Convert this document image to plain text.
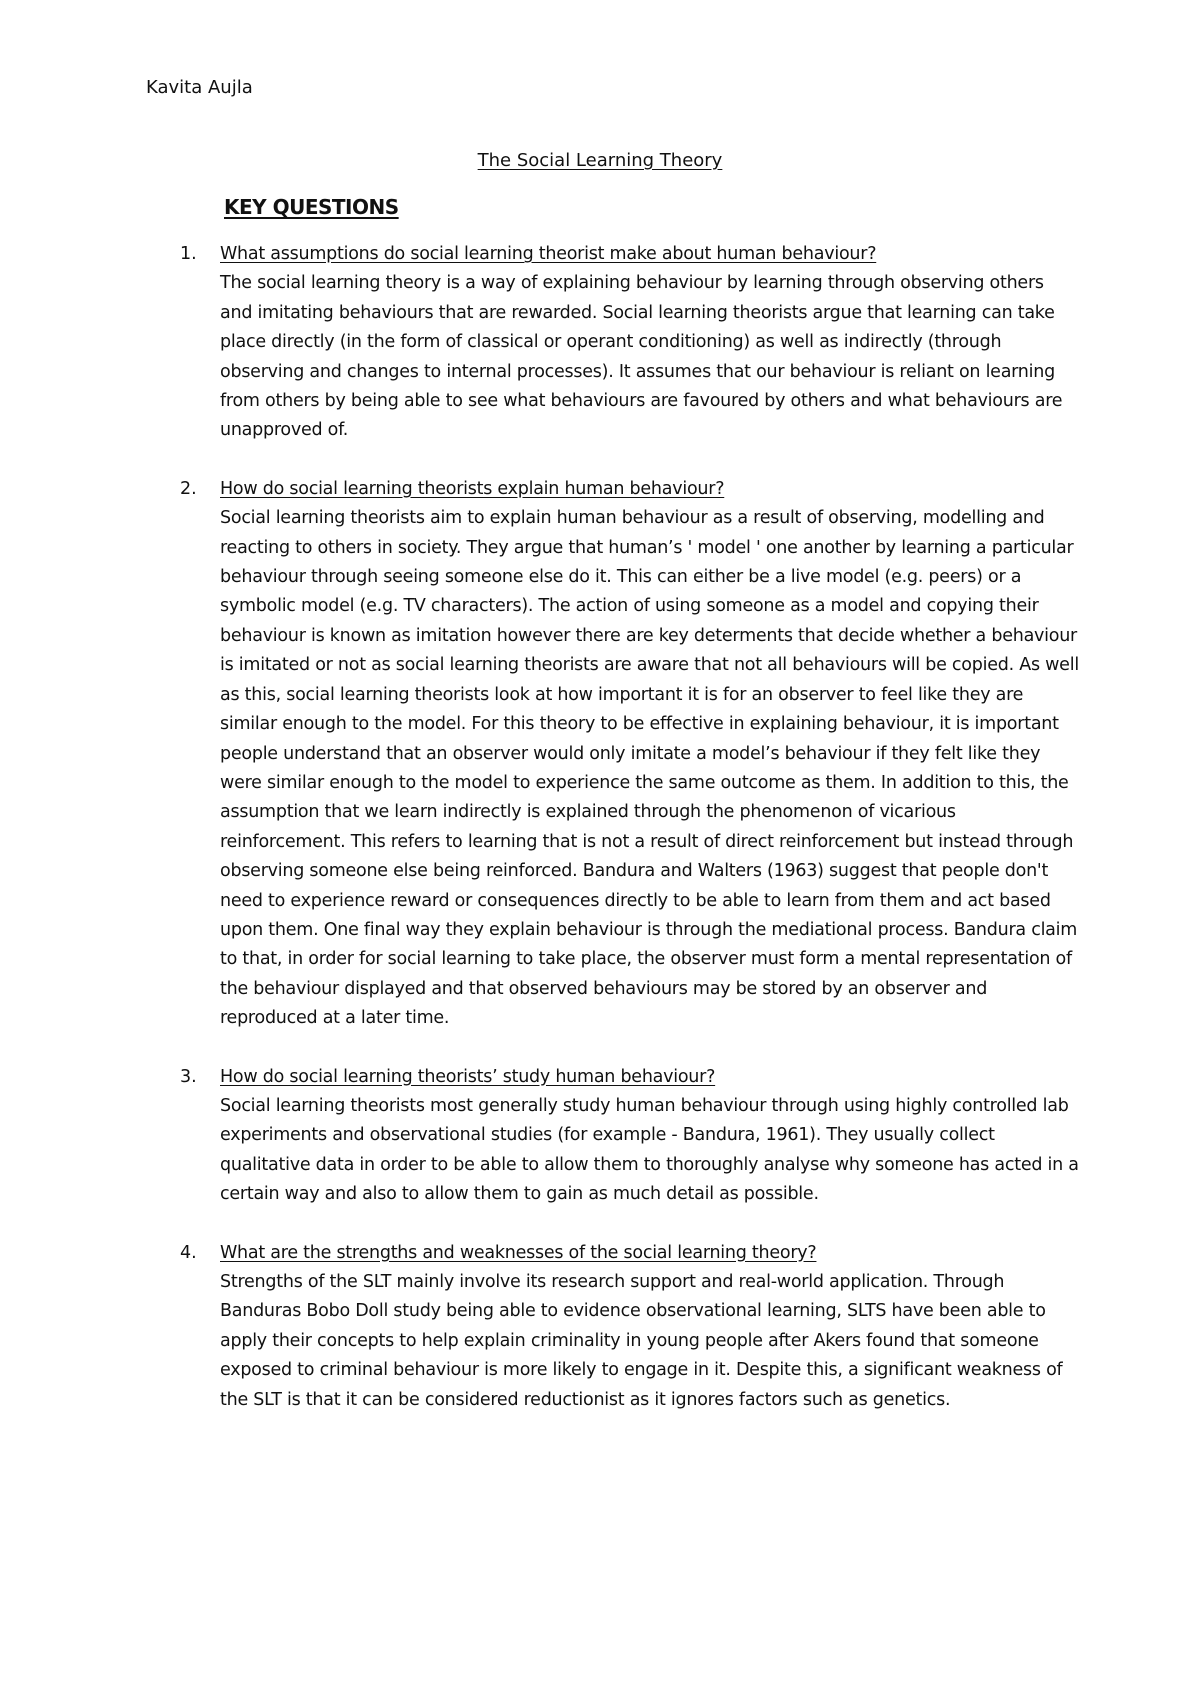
Kavita Aujla
The Social Learning Theory
KEY QUESTIONS
1. What assumptions do social learning theorist make about human behaviour?

The social learning theory is a way of explaining behaviour by learning through observing others and imitating behaviours that are rewarded. Social learning theorists argue that learning can take place directly (in the form of classical or operant conditioning) as well as indirectly (through observing and changes to internal processes). It assumes that our behaviour is reliant on learning from others by being able to see what behaviours are favoured by others and what behaviours are unapproved of.

2. How do social learning theorists explain human behaviour?

Social learning theorists aim to explain human behaviour as a result of observing, modelling and reacting to others in society. They argue that human’s ' model ' one another by learning a particular behaviour through seeing someone else do it. This can either be a live model (e.g. peers) or a symbolic model (e.g. TV characters). The action of using someone as a model and copying their behaviour is known as imitation however there are key determents that decide whether a behaviour is imitated or not as social learning theorists are aware that not all behaviours will be copied. As well as this, social learning theorists look at how important it is for an observer to feel like they are similar enough to the model. For this theory to be effective in explaining behaviour, it is important people understand that an observer would only imitate a model’s behaviour if they felt like they were similar enough to the model to experience the same outcome as them. In addition to this, the assumption that we learn indirectly is explained through the phenomenon of vicarious reinforcement. This refers to learning that is not a result of direct reinforcement but instead through observing someone else being reinforced. Bandura and Walters (1963) suggest that people don't need to experience reward or consequences directly to be able to learn from them and act based upon them. One final way they explain behaviour is through the mediational process. Bandura claim to that, in order for social learning to take place, the observer must form a mental representation of the behaviour displayed and that observed behaviours may be stored by an observer and reproduced at a later time.

3. How do social learning theorists’ study human behaviour?

Social learning theorists most generally study human behaviour through using highly controlled lab experiments and observational studies (for example - Bandura, 1961). They usually collect qualitative data in order to be able to allow them to thoroughly analyse why someone has acted in a certain way and also to allow them to gain as much detail as possible.

4. What are the strengths and weaknesses of the social learning theory?

Strengths of the SLT mainly involve its research support and real-world application. Through Banduras Bobo Doll study being able to evidence observational learning, SLTS have been able to apply their concepts to help explain criminality in young people after Akers found that someone exposed to criminal behaviour is more likely to engage in it. Despite this, a significant weakness of the SLT is that it can be considered reductionist as it ignores factors such as genetics.
